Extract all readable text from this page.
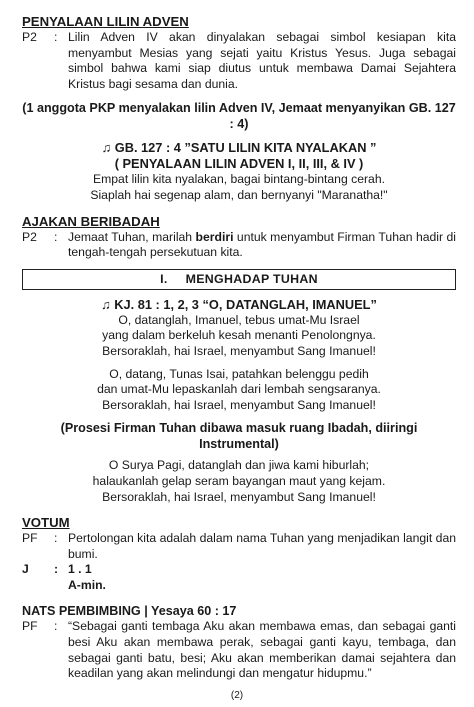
PENYALAAN LILIN ADVEN
P2	: Lilin Adven IV akan dinyalakan sebagai simbol kesiapan kita menyambut Mesias yang sejati yaitu Kristus Yesus. Juga sebagai simbol bahwa kami siap diutus untuk membawa Damai Sejahtera Kristus bagi sesama dan dunia.
(1 anggota PKP menyalakan lilin Adven IV, Jemaat menyanyikan GB. 127 : 4)
♫ GB. 127 : 4 ”SATU LILIN KITA NYALAKAN ”
( PENYALAAN LILIN ADVEN I, II, III, & IV )
Empat lilin kita nyalakan, bagai bintang-bintang cerah.
Siaplah hai segenap alam, dan bernyanyi "Maranatha!"
AJAKAN BERIBADAH
P2	: Jemaat Tuhan, marilah berdiri untuk menyambut Firman Tuhan hadir di tengah-tengah persekutuan kita.
I. MENGHADAP TUHAN
♫ KJ. 81 : 1, 2, 3 “O, DATANGLAH, IMANUEL”
O, datanglah, Imanuel, tebus umat-Mu Israel
yang dalam berkeluh kesah menanti Penolongnya.
Bersoraklah, hai Israel, menyambut Sang Imanuel!
O, datang, Tunas Isai, patahkan belenggu pedih
dan umat-Mu lepaskanlah dari lembah sengsaranya.
Bersoraklah, hai Israel, menyambut Sang Imanuel!
(Prosesi Firman Tuhan dibawa masuk ruang Ibadah, diiringi Instrumental)
O Surya Pagi, datanglah dan jiwa kami hiburlah;
halaukanlah gelap seram bayangan maut yang kejam.
Bersoraklah, hai Israel, menyambut Sang Imanuel!
VOTUM
PF	: Pertolongan kita adalah dalam nama Tuhan yang menjadikan langit dan bumi.
J	: 1 . 1
A-min.
NATS PEMBIMBING | Yesaya 60 : 17
PF	: “Sebagai ganti tembaga Aku akan membawa emas, dan sebagai ganti besi Aku akan membawa perak, sebagai ganti kayu, tembaga, dan sebagai ganti batu, besi; Aku akan memberikan damai sejahtera dan keadilan yang akan melindungi dan mengatur hidupmu.”
(2)
